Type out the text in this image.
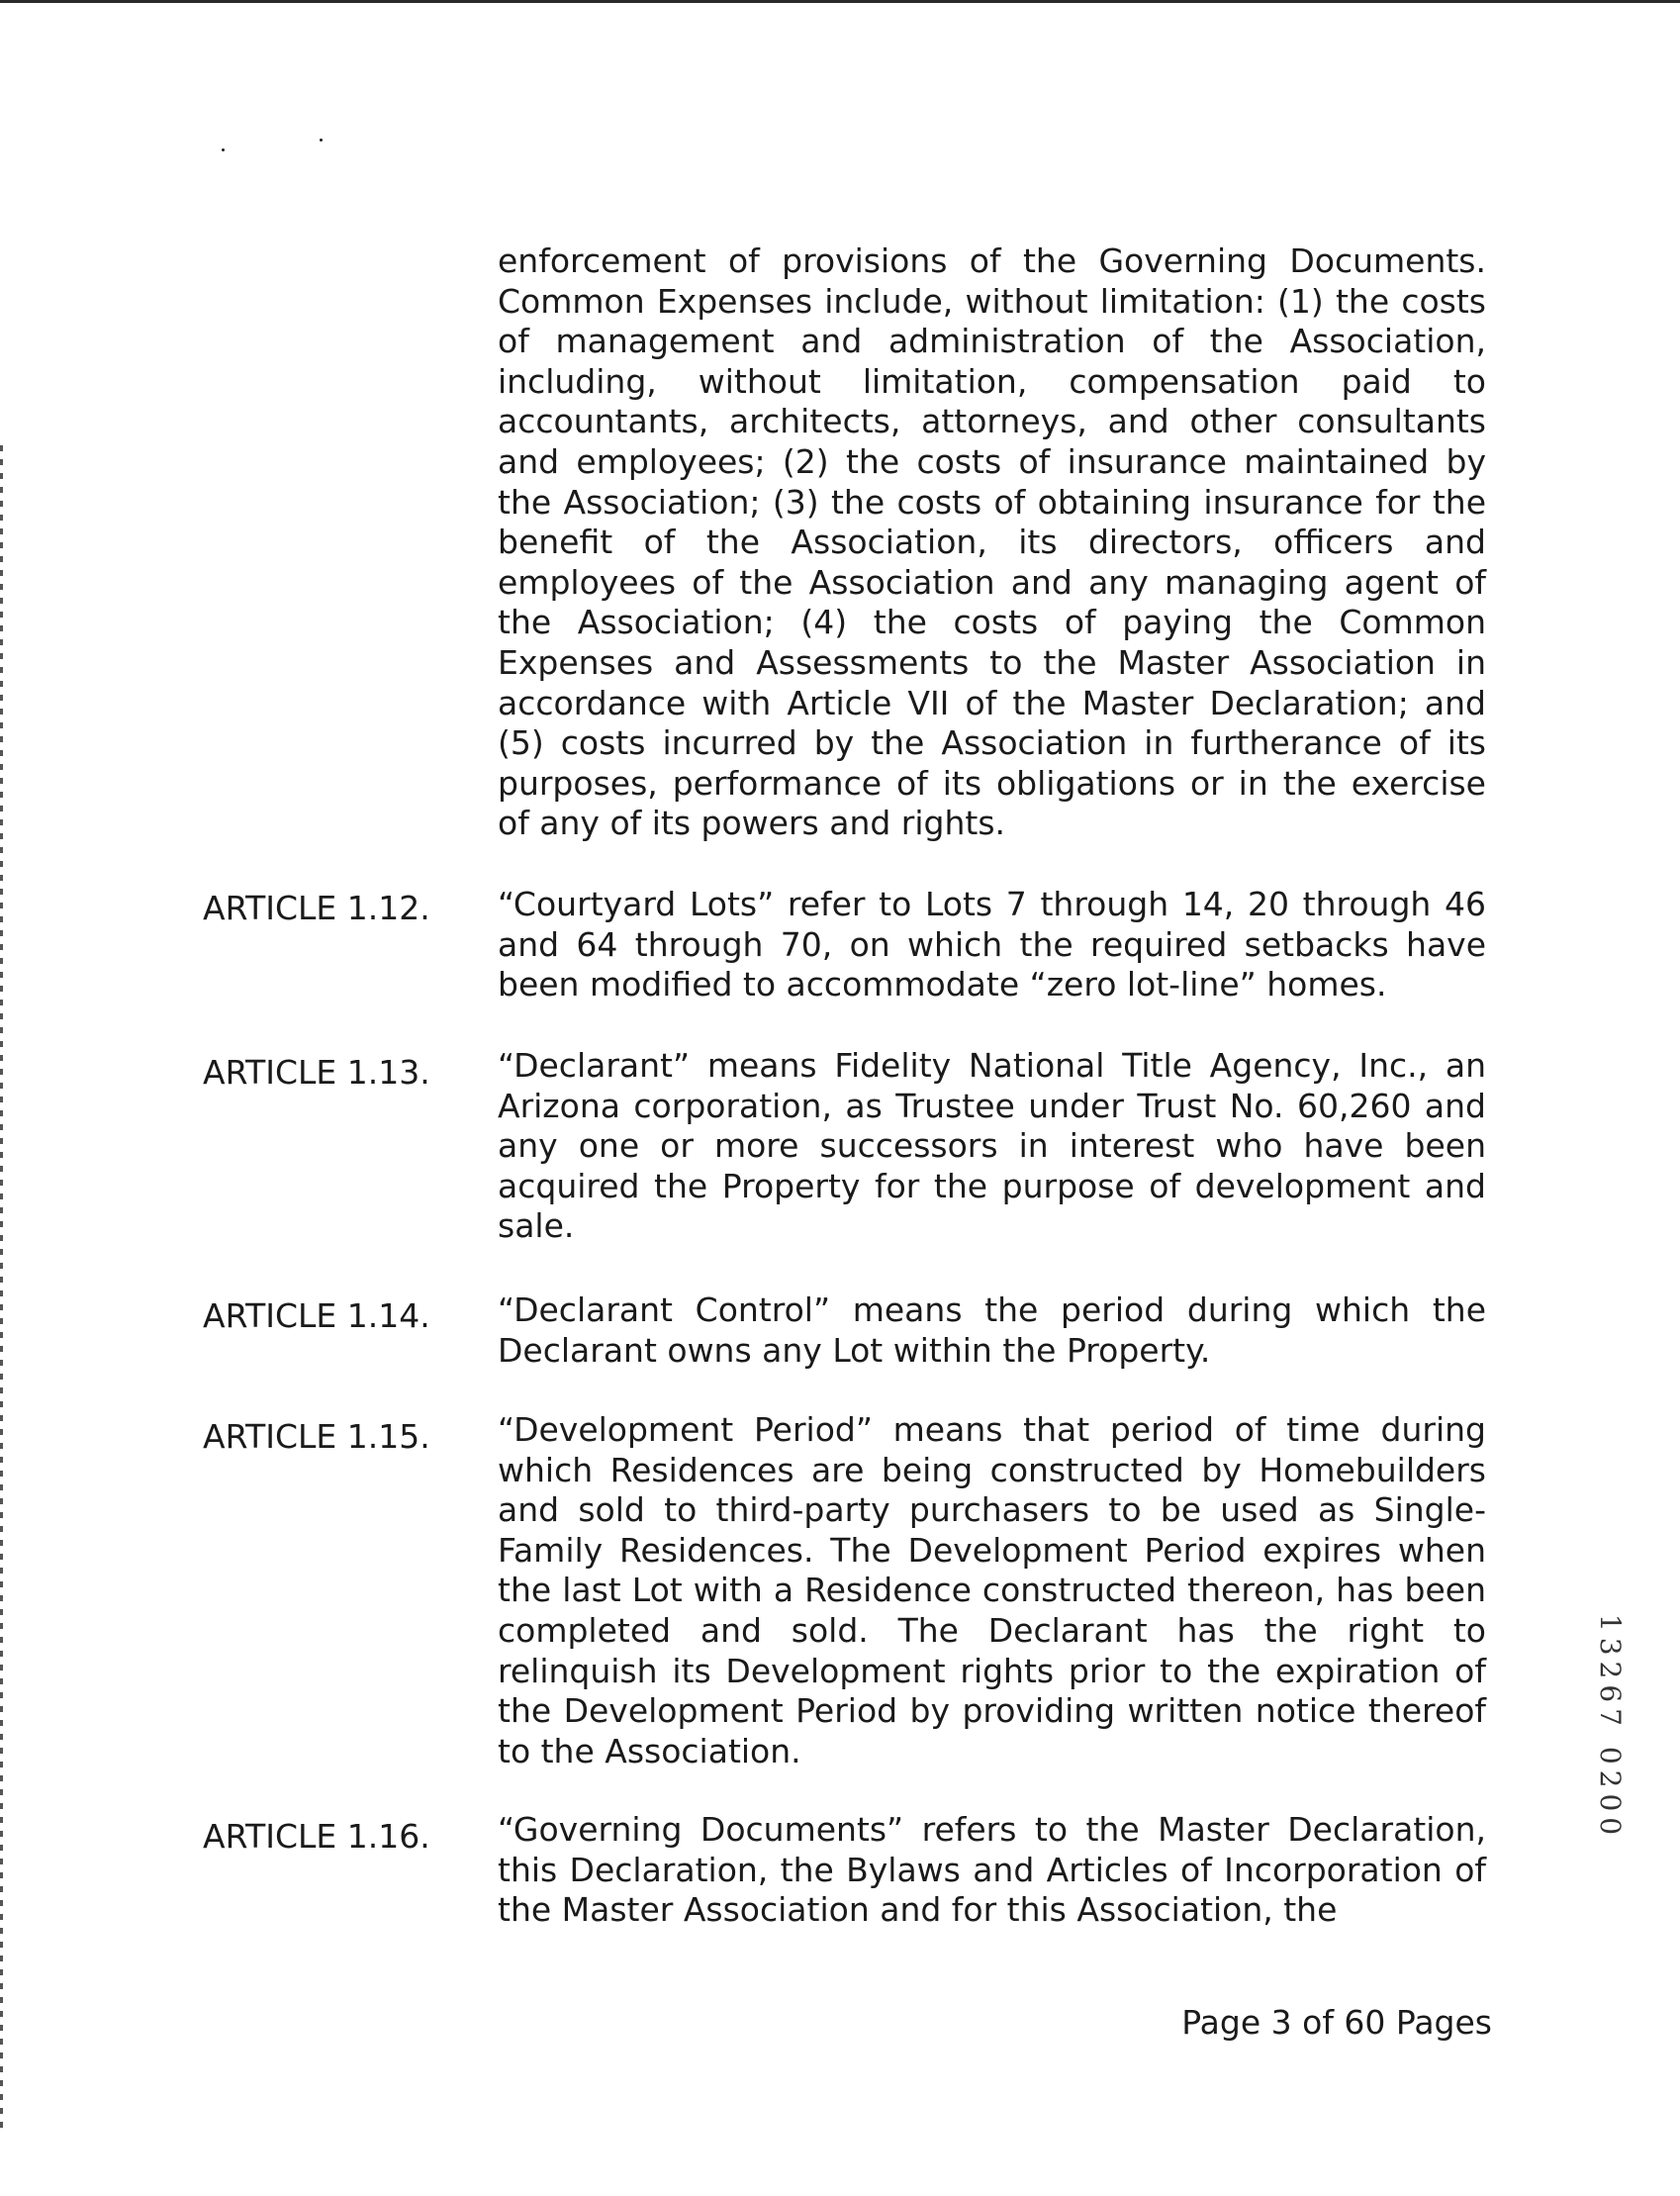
enforcement of provisions of the Governing Documents. Common Expenses include, without limitation: (1) the costs of management and administration of the Association, including, without limitation, compensation paid to accountants, architects, attorneys, and other consultants and employees; (2) the costs of insurance maintained by the Association; (3) the costs of obtaining insurance for the benefit of the Association, its directors, officers and employees of the Association and any managing agent of the Association; (4) the costs of paying the Common Expenses and Assessments to the Master Association in accordance with Article VII of the Master Declaration; and (5) costs incurred by the Association in furtherance of its purposes, performance of its obligations or in the exercise of any of its powers and rights.

ARTICLE 1.12. “Courtyard Lots” refer to Lots 7 through 14, 20 through 46 and 64 through 70, on which the required setbacks have been modified to accommodate “zero lot-line” homes.

ARTICLE 1.13. “Declarant” means Fidelity National Title Agency, Inc., an Arizona corporation, as Trustee under Trust No. 60,260 and any one or more successors in interest who have been acquired the Property for the purpose of development and sale.

ARTICLE 1.14. “Declarant Control” means the period during which the Declarant owns any Lot within the Property.

ARTICLE 1.15. “Development Period” means that period of time during which Residences are being constructed by Homebuilders and sold to third-party purchasers to be used as Single-Family Residences. The Development Period expires when the last Lot with a Residence constructed thereon, has been completed and sold. The Declarant has the right to relinquish its Development rights prior to the expiration of the Development Period by providing written notice thereof to the Association.

ARTICLE 1.16. “Governing Documents” refers to the Master Declaration, this Declaration, the Bylaws and Articles of Incorporation of the Master Association and for this Association, the

13267 0200

Page 3 of 60 Pages
